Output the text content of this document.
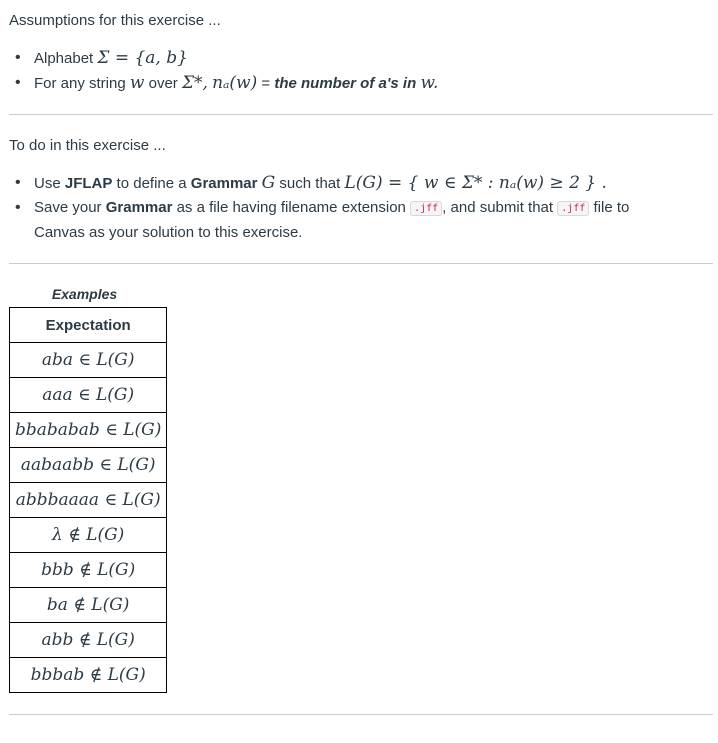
Assumptions for this exercise ...

• Alphabet Σ = {a, b}
• For any string w over Σ*, nₐ(w) = the number of a's in w.

To do in this exercise ...

• Use JFLAP to define a Grammar G such that L(G) = { w ∈ Σ* : nₐ(w) ≥ 2 } .
• Save your Grammar as a file having filename extension .jff , and submit that .jff file to
Canvas as your solution to this exercise.
Examples
Expectation
aba ∈ L(G)
aaa ∈ L(G)
bbababab ∈ L(G)
aabaabb ∈ L(G)
abbbaaaa ∈ L(G)
λ ∉ L(G)
bbb ∉ L(G)
ba ∉ L(G)
abb ∉ L(G)
bbbab ∉ L(G)
